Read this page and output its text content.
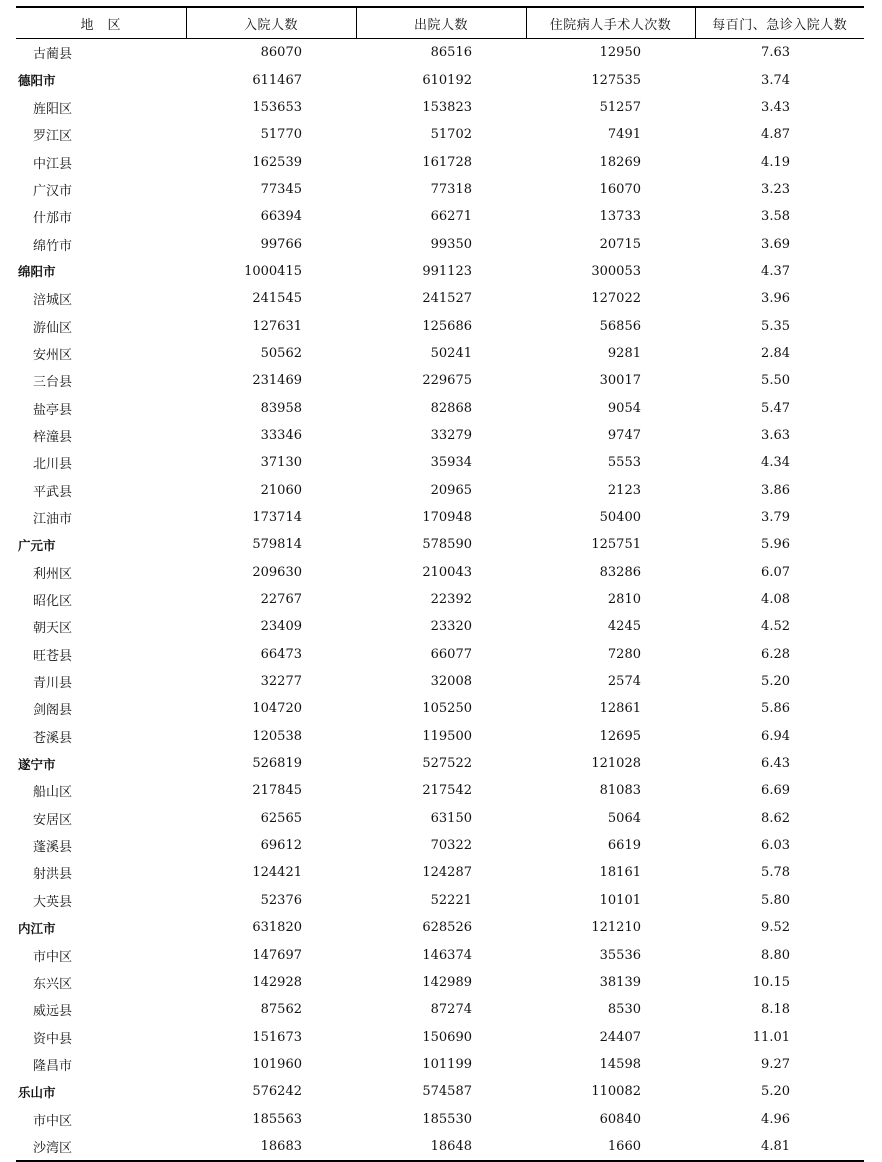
地　区	入院人数	出院人数	住院病人手术人次数	每百门、急诊入院人数
古蔺县	86070	86516	12950	7.63
德阳市	611467	610192	127535	3.74
旌阳区	153653	153823	51257	3.43
罗江区	51770	51702	7491	4.87
中江县	162539	161728	18269	4.19
广汉市	77345	77318	16070	3.23
什邡市	66394	66271	13733	3.58
绵竹市	99766	99350	20715	3.69
绵阳市	1000415	991123	300053	4.37
涪城区	241545	241527	127022	3.96
游仙区	127631	125686	56856	5.35
安州区	50562	50241	9281	2.84
三台县	231469	229675	30017	5.50
盐亭县	83958	82868	9054	5.47
梓潼县	33346	33279	9747	3.63
北川县	37130	35934	5553	4.34
平武县	21060	20965	2123	3.86
江油市	173714	170948	50400	3.79
广元市	579814	578590	125751	5.96
利州区	209630	210043	83286	6.07
昭化区	22767	22392	2810	4.08
朝天区	23409	23320	4245	4.52
旺苍县	66473	66077	7280	6.28
青川县	32277	32008	2574	5.20
剑阁县	104720	105250	12861	5.86
苍溪县	120538	119500	12695	6.94
遂宁市	526819	527522	121028	6.43
船山区	217845	217542	81083	6.69
安居区	62565	63150	5064	8.62
蓬溪县	69612	70322	6619	6.03
射洪县	124421	124287	18161	5.78
大英县	52376	52221	10101	5.80
内江市	631820	628526	121210	9.52
市中区	147697	146374	35536	8.80
东兴区	142928	142989	38139	10.15
威远县	87562	87274	8530	8.18
资中县	151673	150690	24407	11.01
隆昌市	101960	101199	14598	9.27
乐山市	576242	574587	110082	5.20
市中区	185563	185530	60840	4.96
沙湾区	18683	18648	1660	4.81
